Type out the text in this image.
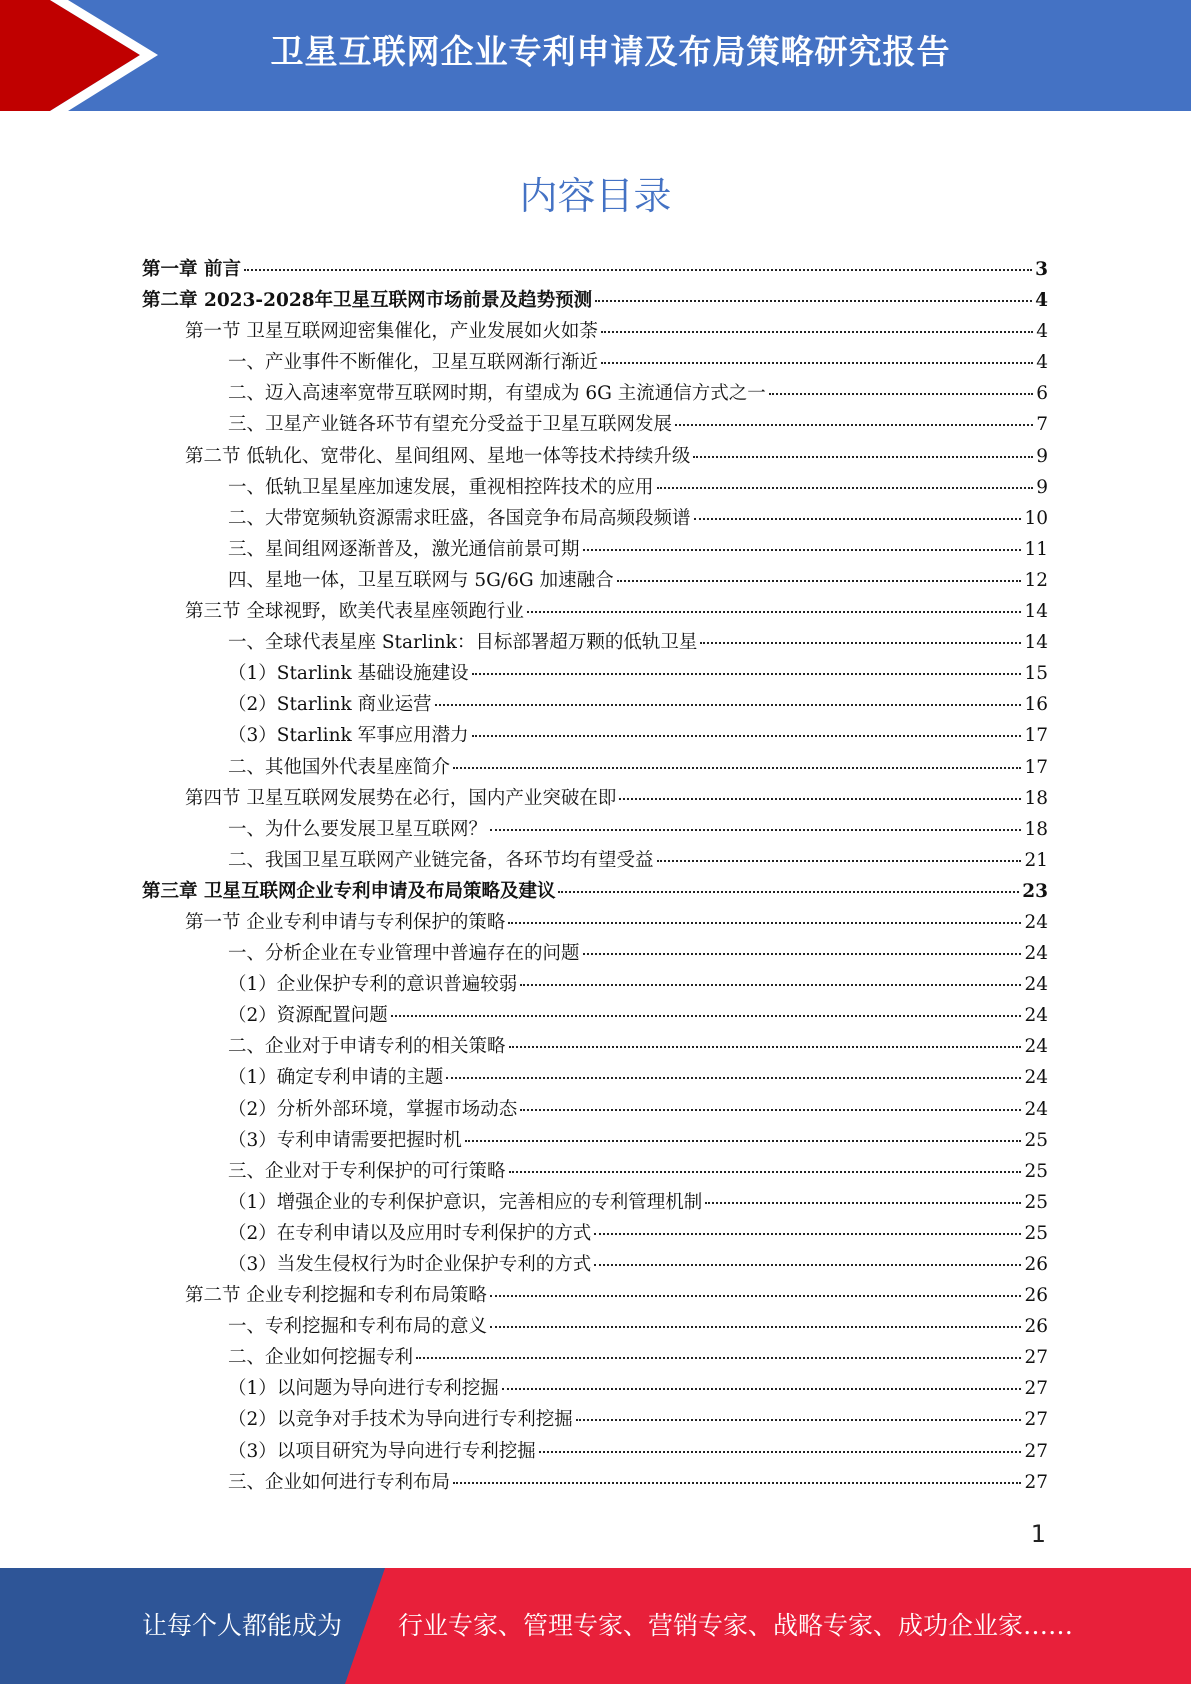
卫星互联网企业专利申请及布局策略研究报告
内容目录
第一章 前言	3
第二章 2023-2028年卫星互联网市场前景及趋势预测	4
第一节 卫星互联网迎密集催化，产业发展如火如荼	4
一、产业事件不断催化，卫星互联网渐行渐近	4
二、迈入高速率宽带互联网时期，有望成为 6G 主流通信方式之一	6
三、卫星产业链各环节有望充分受益于卫星互联网发展	7
第二节 低轨化、宽带化、星间组网、星地一体等技术持续升级	9
一、低轨卫星星座加速发展，重视相控阵技术的应用	9
二、大带宽频轨资源需求旺盛，各国竞争布局高频段频谱	10
三、星间组网逐渐普及，激光通信前景可期	11
四、星地一体，卫星互联网与 5G/6G 加速融合	12
第三节 全球视野，欧美代表星座领跑行业	14
一、全球代表星座 Starlink：目标部署超万颗的低轨卫星	14
（1）Starlink 基础设施建设	15
（2）Starlink 商业运营	16
（3）Starlink 军事应用潜力	17
二、其他国外代表星座简介	17
第四节 卫星互联网发展势在必行，国内产业突破在即	18
一、为什么要发展卫星互联网？	18
二、我国卫星互联网产业链完备，各环节均有望受益	21
第三章 卫星互联网企业专利申请及布局策略及建议	23
第一节 企业专利申请与专利保护的策略	24
一、分析企业在专业管理中普遍存在的问题	24
（1）企业保护专利的意识普遍较弱	24
（2）资源配置问题	24
二、企业对于申请专利的相关策略	24
（1）确定专利申请的主题	24
（2）分析外部环境，掌握市场动态	24
（3）专利申请需要把握时机	25
三、企业对于专利保护的可行策略	25
（1）增强企业的专利保护意识，完善相应的专利管理机制	25
（2）在专利申请以及应用时专利保护的方式	25
（3）当发生侵权行为时企业保护专利的方式	26
第二节 企业专利挖掘和专利布局策略	26
一、专利挖掘和专利布局的意义	26
二、企业如何挖掘专利	27
（1）以问题为导向进行专利挖掘	27
（2）以竞争对手技术为导向进行专利挖掘	27
（3）以项目研究为导向进行专利挖掘	27
三、企业如何进行专利布局	27
1
让每个人都能成为 行业专家、管理专家、营销专家、战略专家、成功企业家……
